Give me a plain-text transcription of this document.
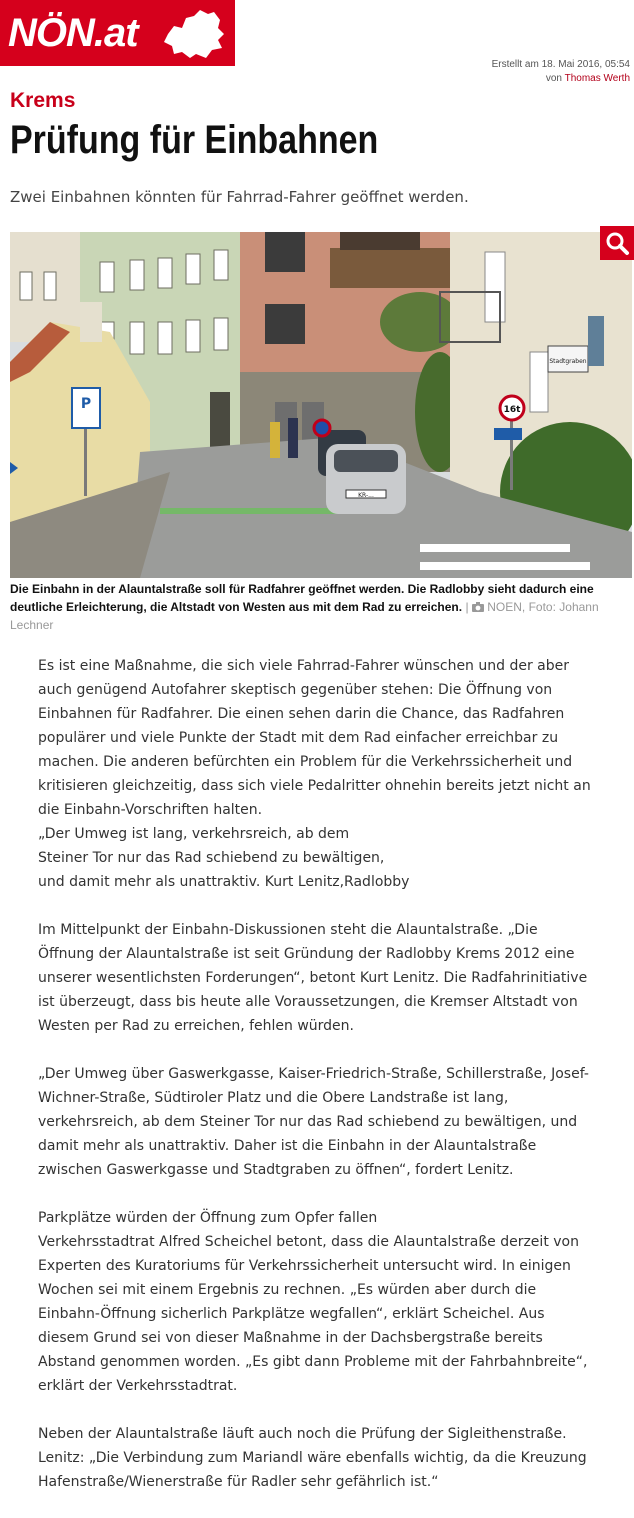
NÖN.at
Erstellt am 18. Mai 2016, 05:54
von Thomas Werth
Krems
Prüfung für Einbahnen
Zwei Einbahnen könnten für Fahrrad-Fahrer geöffnet werden.
KR-...
P	16t
Stadtgraben
Die Einbahn in der Alauntalstraße soll für Radfahrer geöffnet werden. Die Radlobby sieht dadurch eine deutliche Erleichterung, die Altstadt von Westen aus mit dem Rad zu erreichen. |  NOEN, Foto: Johann Lechner

Es ist eine Maßnahme, die sich viele Fahrrad-Fahrer wünschen und der aber auch genügend Autofahrer skeptisch gegenüber stehen: Die Öffnung von Einbahnen für Radfahrer. Die einen sehen darin die Chance, das Radfahren populärer und viele Punkte der Stadt mit dem Rad einfacher erreichbar zu machen. Die anderen befürchten ein Problem für die Verkehrssicherheit und kritisieren gleichzeitig, dass sich viele Pedalritter ohnehin bereits jetzt nicht an die Einbahn-Vorschriften halten.

„Der Umweg ist lang, verkehrsreich, ab dem

Steiner Tor nur das Rad schiebend zu bewältigen,

und damit mehr als unattraktiv. Kurt Lenitz,Radlobby

Im Mittelpunkt der Einbahn-Diskussionen steht die Alauntalstraße. „Die Öffnung der Alauntalstraße ist seit Gründung der Radlobby Krems 2012 eine unserer wesentlichsten Forderungen“, betont Kurt Lenitz. Die Radfahrinitiative ist überzeugt, dass bis heute alle Voraussetzungen, die Kremser Altstadt von Westen per Rad zu erreichen, fehlen würden.

„Der Umweg über Gaswerkgasse, Kaiser-Friedrich-Straße, Schillerstraße, Josef-Wichner-Straße, Südtiroler Platz und die Obere Landstraße ist lang, verkehrsreich, ab dem Steiner Tor nur das Rad schiebend zu bewältigen, und damit mehr als unattraktiv. Daher ist die Einbahn in der Alauntalstraße zwischen Gaswerkgasse und Stadtgraben zu öffnen“, fordert Lenitz.

Parkplätze würden der Öffnung zum Opfer fallen

Verkehrsstadtrat Alfred Scheichel betont, dass die Alauntalstraße derzeit von Experten des Kuratoriums für Verkehrssicherheit untersucht wird. In einigen Wochen sei mit einem Ergebnis zu rechnen. „Es würden aber durch die Einbahn-Öffnung sicherlich Parkplätze wegfallen“, erklärt Scheichel. Aus diesem Grund sei von dieser Maßnahme in der Dachsbergstraße bereits Abstand genommen worden. „Es gibt dann Probleme mit der Fahrbahnbreite“, erklärt der Verkehrsstadtrat.

Neben der Alauntalstraße läuft auch noch die Prüfung der Sigleithenstraße. Lenitz: „Die Verbindung zum Mariandl wäre ebenfalls wichtig, da die Kreuzung Hafenstraße/Wienerstraße für Radler sehr gefährlich ist.“
